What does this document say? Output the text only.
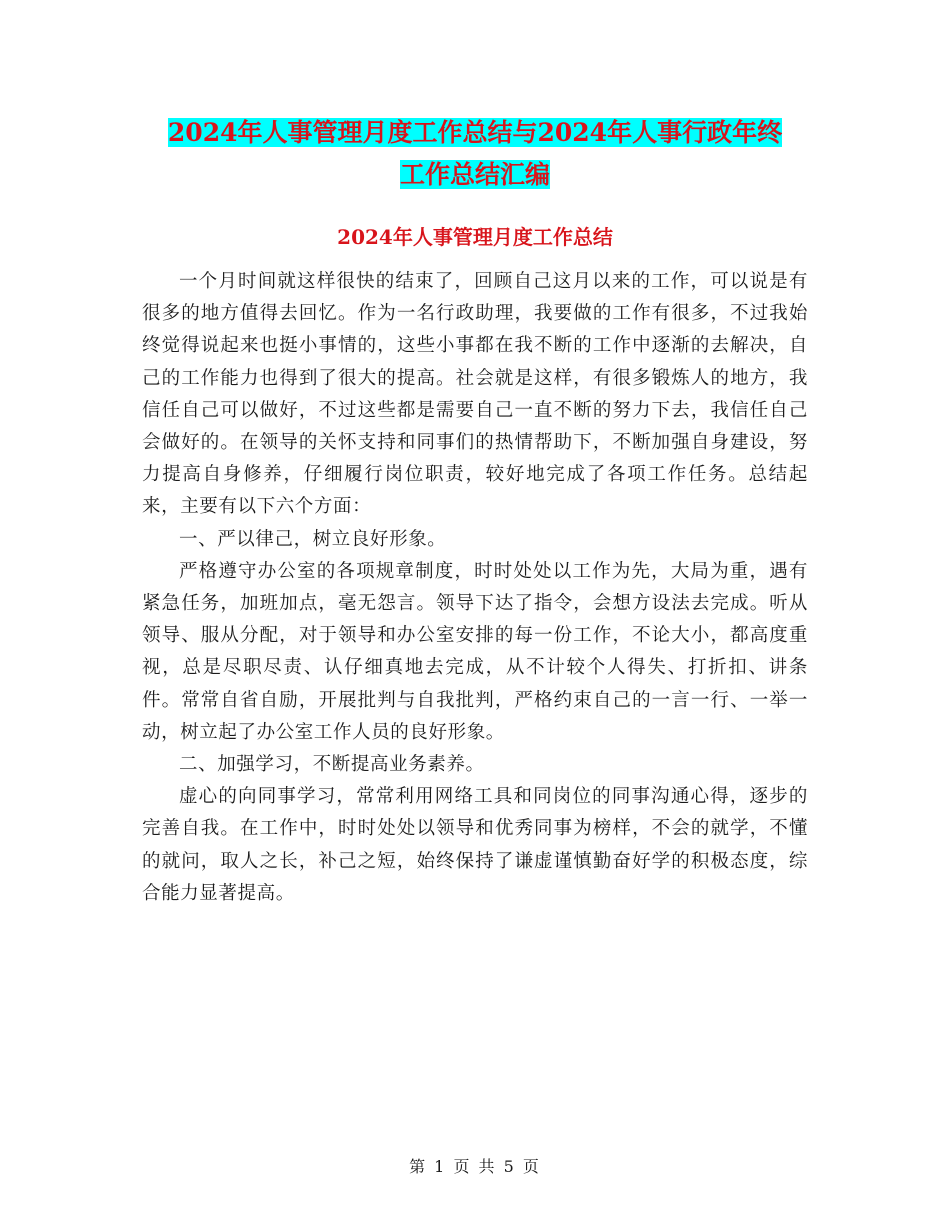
2024年人事管理月度工作总结与2024年人事行政年终
工作总结汇编
2024年人事管理月度工作总结

一个月时间就这样很快的结束了，回顾自己这月以来的工作，可以说是有很多的地方值得去回忆。作为一名行政助理，我要做的工作有很多，不过我始终觉得说起来也挺小事情的，这些小事都在我不断的工作中逐渐的去解决，自己的工作能力也得到了很大的提高。社会就是这样，有很多锻炼人的地方，我信任自己可以做好，不过这些都是需要自己一直不断的努力下去，我信任自己会做好的。在领导的关怀支持和同事们的热情帮助下，不断加强自身建设，努力提高自身修养，仔细履行岗位职责，较好地完成了各项工作任务。总结起来，主要有以下六个方面：

一、严以律己，树立良好形象。

严格遵守办公室的各项规章制度，时时处处以工作为先，大局为重，遇有紧急任务，加班加点，毫无怨言。领导下达了指令，会想方设法去完成。听从领导、服从分配，对于领导和办公室安排的每一份工作，不论大小，都高度重视，总是尽职尽责、认仔细真地去完成，从不计较个人得失、打折扣、讲条件。常常自省自励，开展批判与自我批判，严格约束自己的一言一行、一举一动，树立起了办公室工作人员的良好形象。

二、加强学习，不断提高业务素养。

虚心的向同事学习，常常利用网络工具和同岗位的同事沟通心得，逐步的完善自我。在工作中，时时处处以领导和优秀同事为榜样，不会的就学，不懂的就问，取人之长，补己之短，始终保持了谦虚谨慎勤奋好学的积极态度，综合能力显著提高。

第 1 页 共 5 页
